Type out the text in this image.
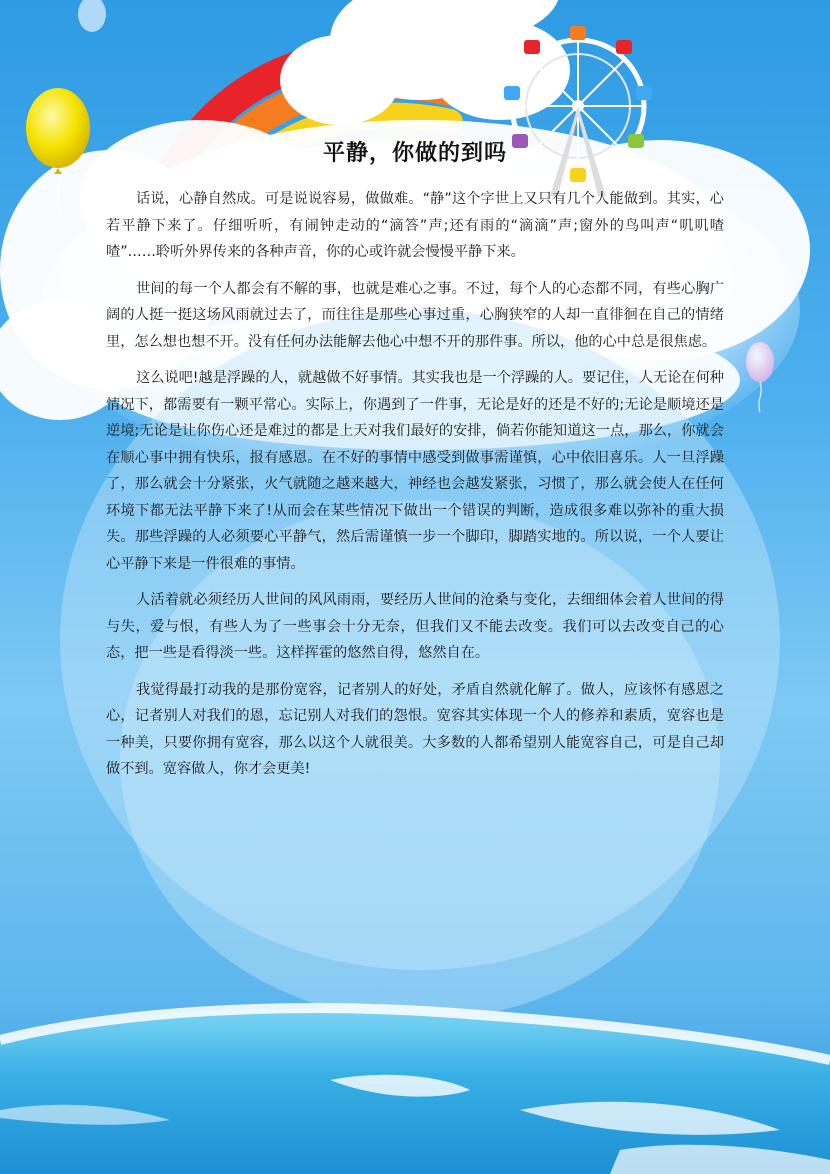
平静，你做的到吗

话说，心静自然成。可是说说容易，做做难。“静”这个字世上又只有几个人能做到。其实，心若平静下来了。仔细听听，有闹钟走动的“滴答”声;还有雨的“滴滴”声;窗外的鸟叫声“叽叽喳喳”……聆听外界传来的各种声音，你的心或许就会慢慢平静下来。

世间的每一个人都会有不解的事，也就是难心之事。不过，每个人的心态都不同，有些心胸广阔的人挺一挺这场风雨就过去了，而往往是那些心事过重，心胸狭窄的人却一直徘徊在自己的情绪里，怎么想也想不开。没有任何办法能解去他心中想不开的那件事。所以，他的心中总是很焦虑。

这么说吧!越是浮躁的人，就越做不好事情。其实我也是一个浮躁的人。要记住，人无论在何种情况下，都需要有一颗平常心。实际上，你遇到了一件事，无论是好的还是不好的;无论是顺境还是逆境;无论是让你伤心还是难过的都是上天对我们最好的安排，倘若你能知道这一点，那么，你就会在顺心事中拥有快乐，报有感恩。在不好的事情中感受到做事需谨慎，心中依旧喜乐。人一旦浮躁了，那么就会十分紧张，火气就随之越来越大，神经也会越发紧张，习惯了，那么就会使人在任何环境下都无法平静下来了!从而会在某些情况下做出一个错误的判断，造成很多难以弥补的重大损失。那些浮躁的人必须要心平静气，然后需谨慎一步一个脚印，脚踏实地的。所以说，一个人要让心平静下来是一件很难的事情。

人活着就必须经历人世间的风风雨雨，要经历人世间的沧桑与变化，去细细体会着人世间的得与失，爱与恨，有些人为了一些事会十分无奈，但我们又不能去改变。我们可以去改变自己的心态，把一些是看得淡一些。这样挥霍的悠然自得，悠然自在。

我觉得最打动我的是那份宽容，记者别人的好处，矛盾自然就化解了。做人，应该怀有感恩之心，记者别人对我们的恩，忘记别人对我们的怨恨。宽容其实体现一个人的修养和素质，宽容也是一种美，只要你拥有宽容，那么以这个人就很美。大多数的人都希望别人能宽容自己，可是自己却做不到。宽容做人，你才会更美!
